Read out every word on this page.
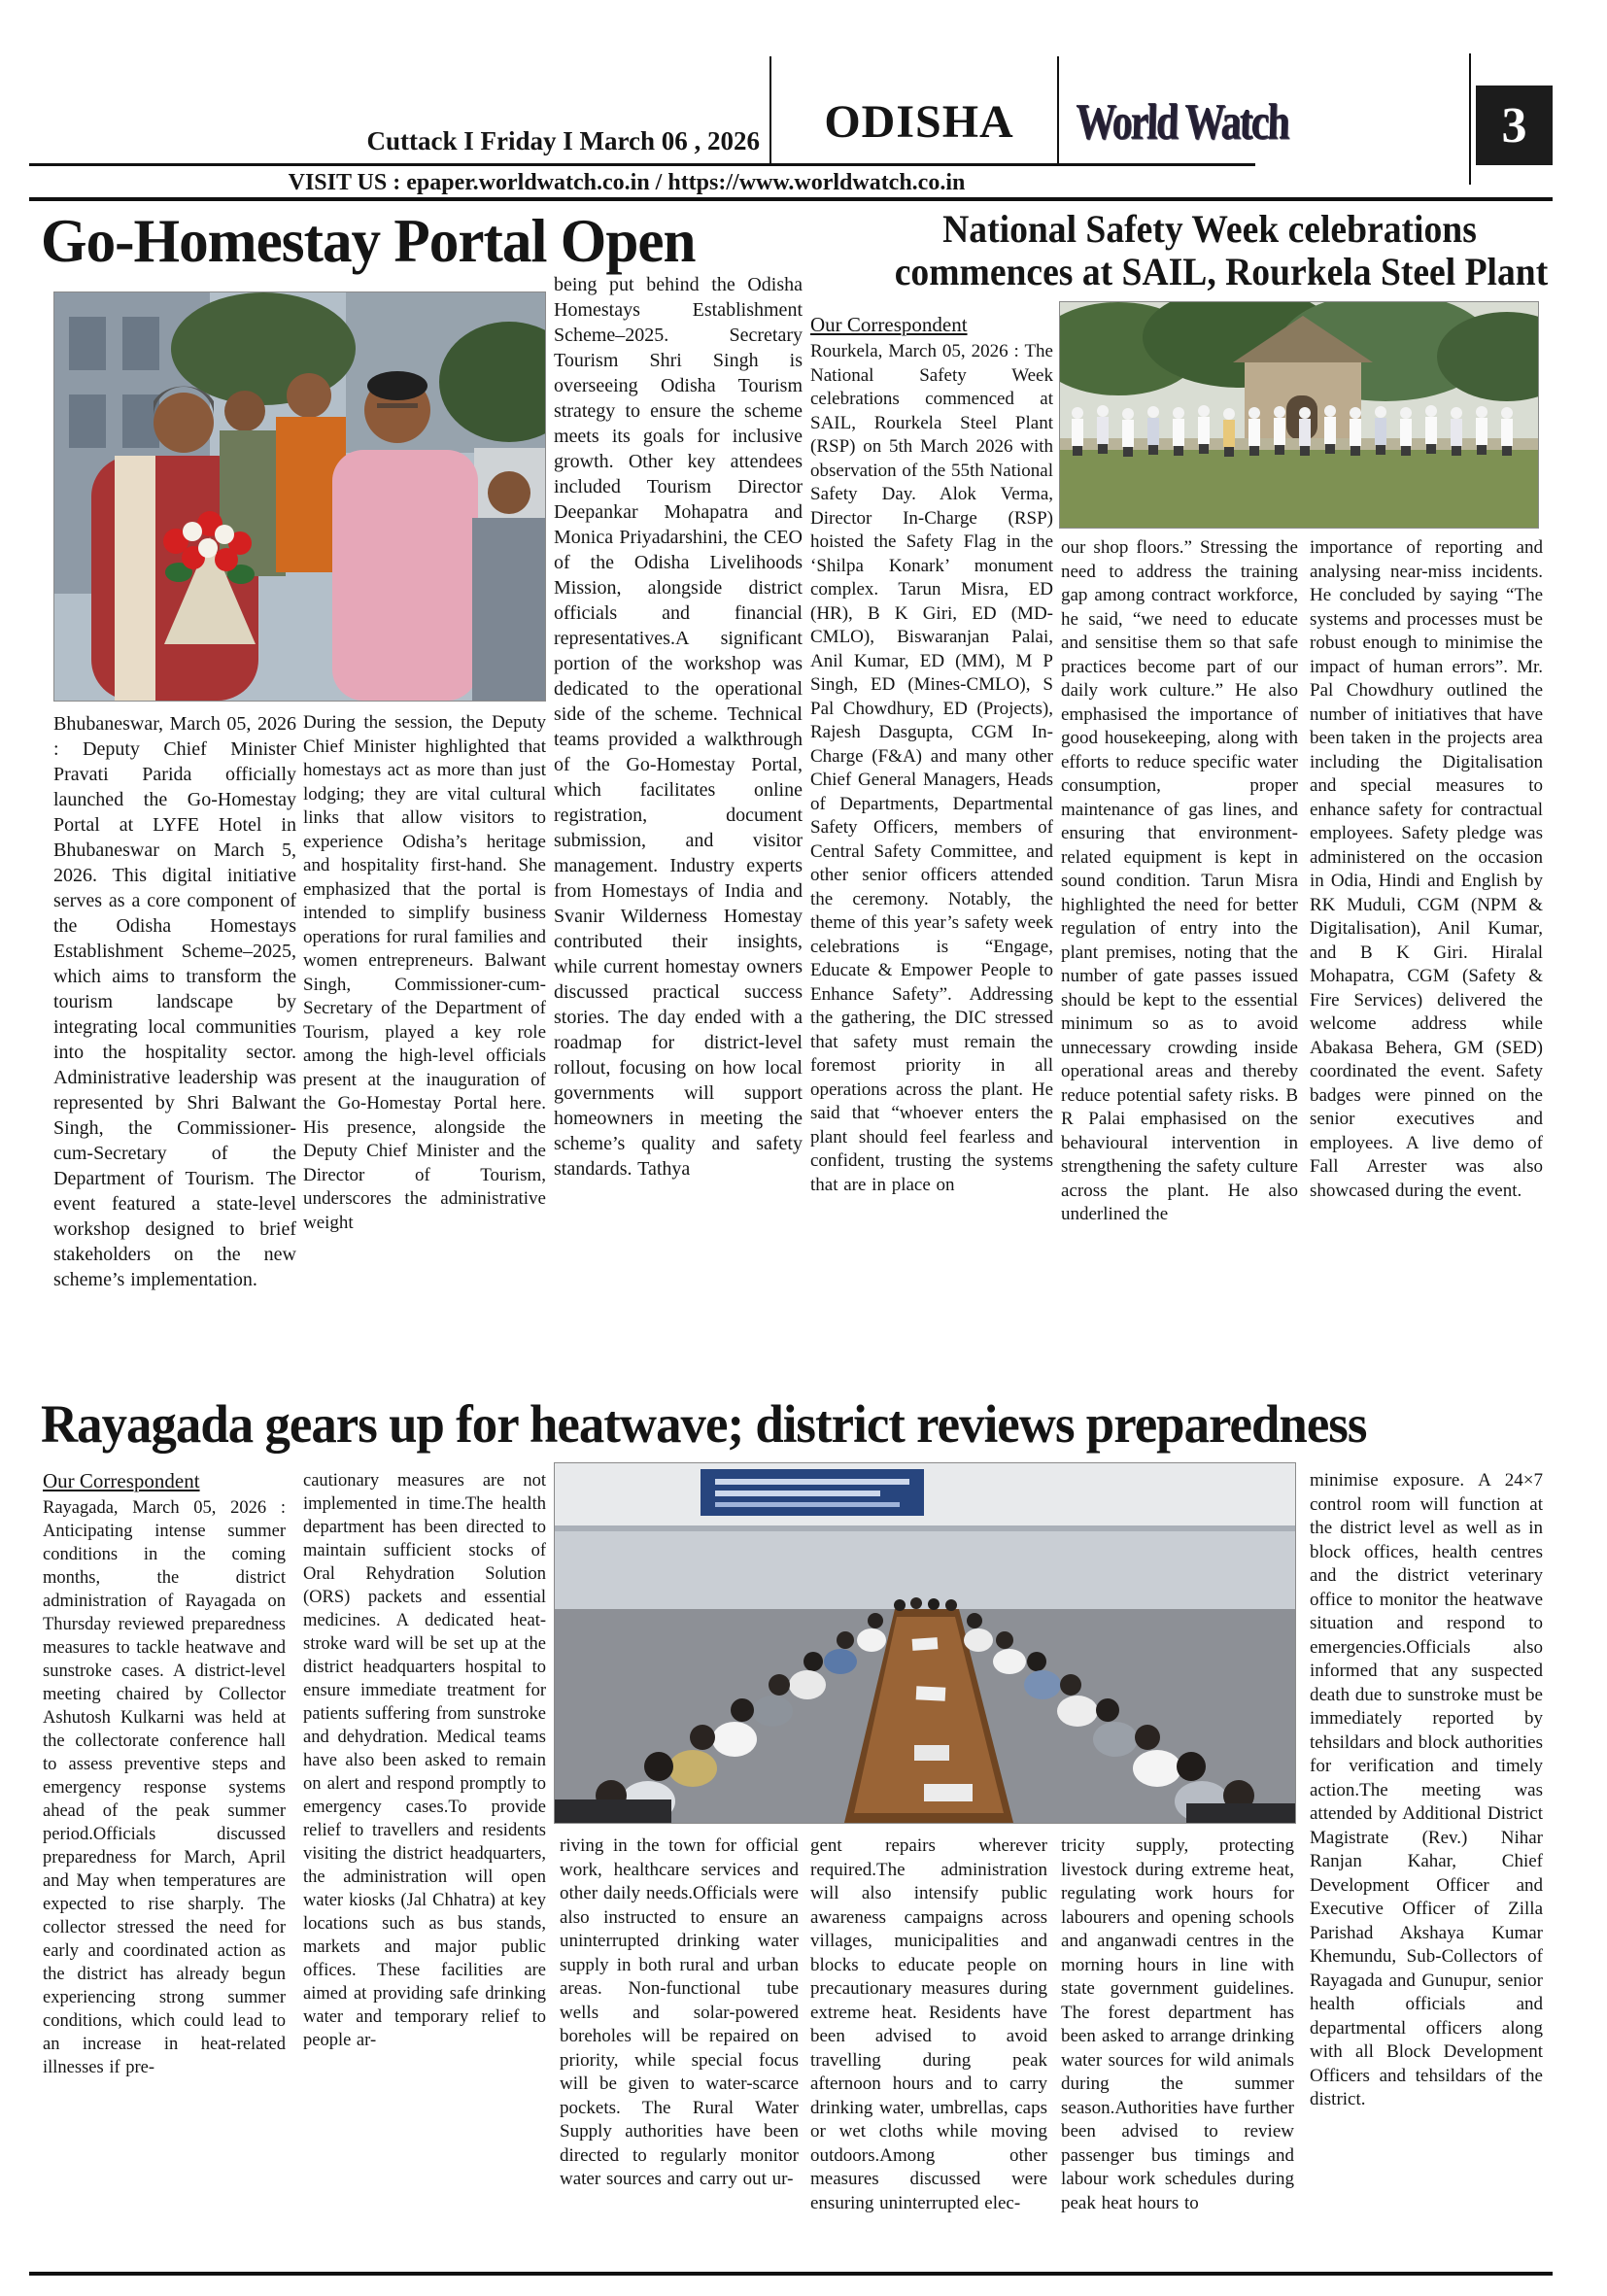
Cuttack I Friday I March 06 , 2026	ODISHA	World Watch	3
VISIT US : epaper.worldwatch.co.in / https://www.worldwatch.co.in
Go-Homestay Portal Open
being put behind the Odisha Homestays Establishment Scheme–2025. Secretary Tourism Shri Singh is overseeing Odisha Tourism strategy to ensure the scheme meets its goals for inclusive growth. Other key attendees included Tourism Director Deepankar Mohapatra and Monica Priyadarshini, the CEO of the Odisha Livelihoods Mission, alongside district officials and financial representatives.A significant portion of the workshop was dedicated to the operational side of the scheme. Technical teams provided a walkthrough of the Go-Homestay Portal, which facilitates online registration, document submission, and visitor management. Industry experts from Homestays of India and Svanir Wilderness Homestay contributed their insights, while current homestay owners discussed practical success stories. The day ended with a roadmap for district-level rollout, focusing on how local governments will support homeowners in meeting the scheme’s quality and safety standards. Tathya
Bhubaneswar, March 05, 2026 : Deputy Chief Minister Pravati Parida officially launched the Go-Homestay Portal at LYFE Hotel in Bhubaneswar on March 5, 2026. This digital initiative serves as a core component of the Odisha Homestays Establishment Scheme–2025, which aims to transform the tourism landscape by integrating local communities into the hospitality sector. Administrative leadership was represented by Shri Balwant Singh, the Commissioner-cum-Secretary of the Department of Tourism. The event featured a state-level workshop designed to brief stakeholders on the new scheme’s implementation.
During the session, the Deputy Chief Minister highlighted that homestays act as more than just lodging; they are vital cultural links that allow visitors to experience Odisha’s heritage and hospitality first-hand. She emphasized that the portal is intended to simplify business operations for rural families and women entrepreneurs. Balwant Singh, Commissioner-cum-Secretary of the Department of Tourism, played a key role among the high-level officials present at the inauguration of the Go-Homestay Portal here. His presence, alongside the Deputy Chief Minister and the Director of Tourism, underscores the administrative weight
National Safety Week celebrations
commences at SAIL, Rourkela Steel Plant
Our Correspondent
Rourkela, March 05, 2026 : The National Safety Week celebrations commenced at SAIL, Rourkela Steel Plant (RSP) on 5th March 2026 with observation of the 55th National Safety Day. Alok Verma, Director In-Charge (RSP) hoisted the Safety Flag in the ‘Shilpa Konark’ monument complex. Tarun Misra, ED (HR), B K Giri, ED (MD-CMLO), Biswaranjan Palai, Anil Kumar, ED (MM), M P Singh, ED (Mines-CMLO), S Pal Chowdhury, ED (Projects), Rajesh Dasgupta, CGM In-Charge (F&A) and many other Chief General Managers, Heads of Departments, Departmental Safety Officers, members of Central Safety Committee, and other senior officers attended the ceremony. Notably, the theme of this year’s safety week celebrations is “Engage, Educate & Empower People to Enhance Safety”. Addressing the gathering, the DIC stressed that safety must remain the foremost priority in all operations across the plant. He said that “whoever enters the plant should feel fearless and confident, trusting the systems that are in place on
our shop floors.” Stressing the need to address the training gap among contract workforce, he said, “we need to educate and sensitise them so that safe practices become part of our daily work culture.” He also emphasised the importance of good housekeeping, along with efforts to reduce specific water consumption, proper maintenance of gas lines, and ensuring that environment-related equipment is kept in sound condition. Tarun Misra highlighted the need for better regulation of entry into the plant premises, noting that the number of gate passes issued should be kept to the essential minimum so as to avoid unnecessary crowding inside operational areas and thereby reduce potential safety risks. B R Palai emphasised on the behavioural intervention in strengthening the safety culture across the plant. He also underlined the
importance of reporting and analysing near-miss incidents. He concluded by saying “The systems and processes must be robust enough to minimise the impact of human errors”. Mr. Pal Chowdhury outlined the number of initiatives that have been taken in the projects area including the Digitalisation and special measures to enhance safety for contractual employees. Safety pledge was administered on the occasion in Odia, Hindi and English by RK Muduli, CGM (NPM & Digitalisation), Anil Kumar, and B K Giri. Hiralal Mohapatra, CGM (Safety & Fire Services) delivered the welcome address while Abakasa Behera, GM (SED) coordinated the event. Safety badges were pinned on the senior executives and employees. A live demo of Fall Arrester was also showcased during the event.
Rayagada gears up for heatwave; district reviews preparedness
Our Correspondent
Rayagada, March 05, 2026 : Anticipating intense summer conditions in the coming months, the district administration of Rayagada on Thursday reviewed preparedness measures to tackle heatwave and sunstroke cases. A district-level meeting chaired by Collector Ashutosh Kulkarni was held at the collectorate conference hall to assess preventive steps and emergency response systems ahead of the peak summer period.Officials discussed preparedness for March, April and May when temperatures are expected to rise sharply. The collector stressed the need for early and coordinated action as the district has already begun experiencing strong summer conditions, which could lead to an increase in heat-related illnesses if pre-
cautionary measures are not implemented in time.The health department has been directed to maintain sufficient stocks of Oral Rehydration Solution (ORS) packets and essential medicines. A dedicated heat-stroke ward will be set up at the district headquarters hospital to ensure immediate treatment for patients suffering from sunstroke and dehydration. Medical teams have also been asked to remain on alert and respond promptly to emergency cases.To provide relief to travellers and residents visiting the district headquarters, the administration will open water kiosks (Jal Chhatra) at key locations such as bus stands, markets and major public offices. These facilities are aimed at providing safe drinking water and temporary relief to people ar-
riving in the town for official work, healthcare services and other daily needs.Officials were also instructed to ensure an uninterrupted drinking water supply in both rural and urban areas. Non-functional tube wells and solar-powered boreholes will be repaired on priority, while special focus will be given to water-scarce pockets. The Rural Water Supply authorities have been directed to regularly monitor water sources and carry out ur-
gent repairs wherever required.The administration will also intensify public awareness campaigns across villages, municipalities and blocks to educate people on precautionary measures during extreme heat. Residents have been advised to avoid travelling during peak afternoon hours and to carry drinking water, umbrellas, caps or wet cloths while moving outdoors.Among other measures discussed were ensuring uninterrupted elec-
tricity supply, protecting livestock during extreme heat, regulating work hours for labourers and opening schools and anganwadi centres in the morning hours in line with state government guidelines. The forest department has been asked to arrange drinking water sources for wild animals during the summer season.Authorities have further been advised to review passenger bus timings and labour work schedules during peak heat hours to
minimise exposure. A 24×7 control room will function at the district level as well as in block offices, health centres and the district veterinary office to monitor the heatwave situation and respond to emergencies.Officials also informed that any suspected death due to sunstroke must be immediately reported by tehsildars and block authorities for verification and timely action.The meeting was attended by Additional District Magistrate (Rev.) Nihar Ranjan Kahar, Chief Development Officer and Executive Officer of Zilla Parishad Akshaya Kumar Khemundu, Sub-Collectors of Rayagada and Gunupur, senior health officials and departmental officers along with all Block Development Officers and tehsildars of the district.
